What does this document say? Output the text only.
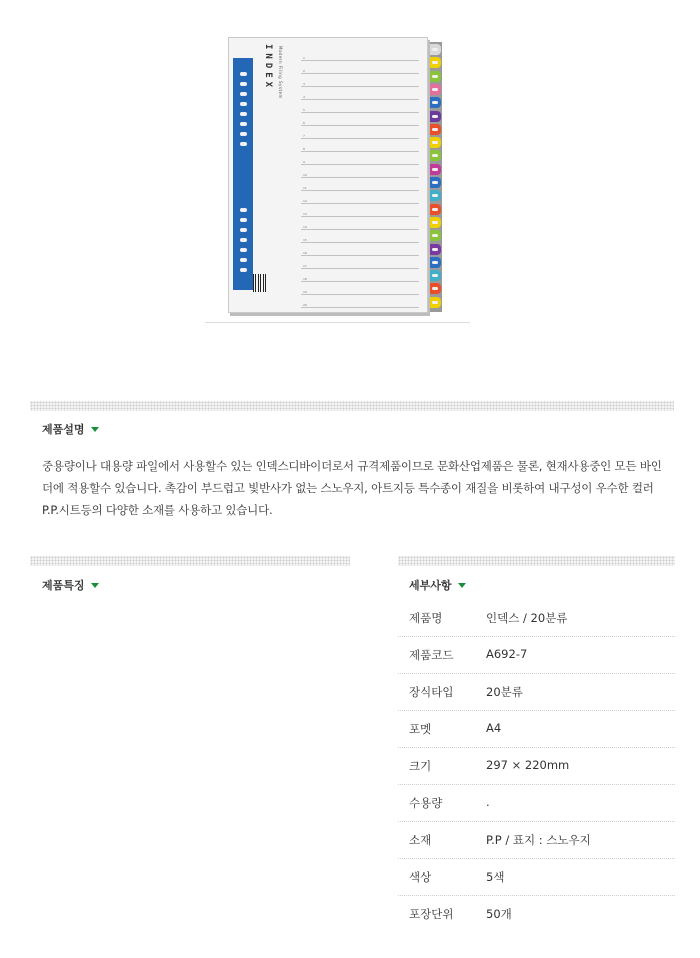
INDEX	Modern Filing System	1
2
3
4
5
6
7
8
9
10
11
12
13
14
15
16
17
18
19
20
제품설명
중용량이나 대용량 파일에서 사용할수 있는 인덱스디바이더로서 규격제품이므로 문화산업제품은 물론, 현재사용중인 모든 바인더에 적용할수 있습니다. 촉감이 부드럽고 빛반사가 없는 스노우지, 아트지등 특수종이 재질을 비롯하여 내구성이 우수한 컬러 P.P.시트등의 다양한 소재를 사용하고 있습니다.
제품특징	세부사항
제품명	인덱스 / 20분류
제품코드	A692-7
장식타입	20분류
포멧	A4
크기	297 × 220mm
수용량	.
소재	P.P / 표지 : 스노우지
색상	5색
포장단위	50개
